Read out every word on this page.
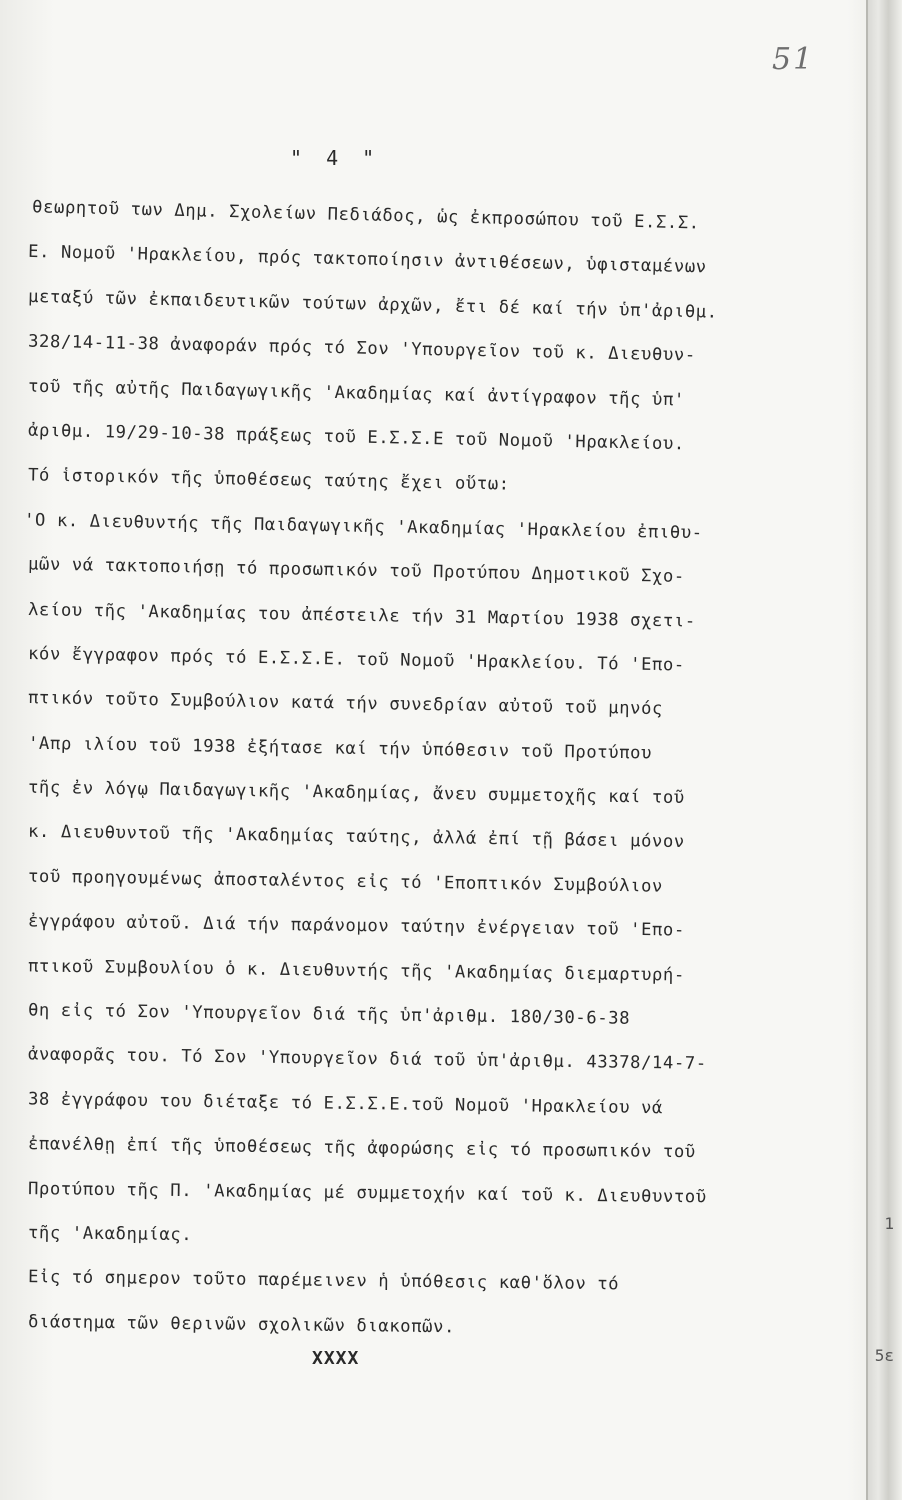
1
5ε
51
" 4 "
θεωρητοῦ των Δημ. Σχολείων Πεδιάδος, ὡς ἐκπροσώπου τοῦ Ε.Σ.Σ.
Ε. Νομοῦ 'Ηρακλείου, πρός τακτοποίησιν ἀντιθέσεων, ὑφισταμένων
μεταξύ τῶν ἐκπαιδευτικῶν τούτων ἀρχῶν, ἔτι δέ καί τήν ὑπ'ἀριθμ.
328/14-11-38 ἀναφοράν πρός τό Σον 'Υπουργεῖον τοῦ κ. Διευθυν-
τοῦ τῆς αὐτῆς Παιδαγωγικῆς 'Ακαδημίας καί ἀντίγραφον τῆς ὑπ'
ἀριθμ. 19/29-10-38 πράξεως τοῦ Ε.Σ.Σ.Ε τοῦ Νομοῦ 'Ηρακλείου.
Τό ἱστορικόν τῆς ὑποθέσεως ταύτης ἔχει οὕτω:
'Ο κ. Διευθυντής τῆς Παιδαγωγικῆς 'Ακαδημίας 'Ηρακλείου ἐπιθυ-
μῶν νά τακτοποιήσῃ τό προσωπικόν τοῦ Προτύπου Δημοτικοῦ Σχο-
λείου τῆς 'Ακαδημίας του ἀπέστειλε τήν 31 Μαρτίου 1938 σχετι-
κόν ἔγγραφον πρός τό Ε.Σ.Σ.Ε. τοῦ Νομοῦ 'Ηρακλείου. Τό 'Επο-
πτικόν τοῦτο Συμβούλιον κατά τήν συνεδρίαν αὐτοῦ τοῦ μηνός
'Απρ ιλίου τοῦ 1938 ἐξήτασε καί τήν ὑπόθεσιν τοῦ Προτύπου
τῆς ἐν λόγῳ Παιδαγωγικῆς 'Ακαδημίας, ἄνευ συμμετοχῆς καί τοῦ
κ. Διευθυντοῦ τῆς 'Ακαδημίας ταύτης, ἀλλά ἐπί τῇ βάσει μόνον
τοῦ προηγουμένως ἀποσταλέντος εἰς τό 'Εποπτικόν Συμβούλιον
ἐγγράφου αὐτοῦ. Διά τήν παράνομον ταύτην ἐνέργειαν τοῦ 'Επο-
πτικοῦ Συμβουλίου ὁ κ. Διευθυντής τῆς 'Ακαδημίας διεμαρτυρή-
θη εἰς τό Σον 'Υπουργεῖον διά τῆς ὑπ'ἀριθμ. 180/30-6-38
ἀναφορᾶς του. Τό Σον 'Υπουργεῖον διά τοῦ ὑπ'ἀριθμ. 43378/14-7-
38 ἐγγράφου του διέταξε τό Ε.Σ.Σ.Ε.τοῦ Νομοῦ 'Ηρακλείου νά
ἐπανέλθῃ ἐπί τῆς ὑποθέσεως τῆς ἀφορώσης εἰς τό προσωπικόν τοῦ
Προτύπου τῆς Π. 'Ακαδημίας μέ συμμετοχήν καί τοῦ κ. Διευθυντοῦ
τῆς 'Ακαδημίας.
Εἰς τό σημερον τοῦτο παρέμεινεν ἡ ὑπόθεσις καθ'ὅλον τό
διάστημα τῶν θερινῶν σχολικῶν διακοπῶν.
ΧΧΧΧ
